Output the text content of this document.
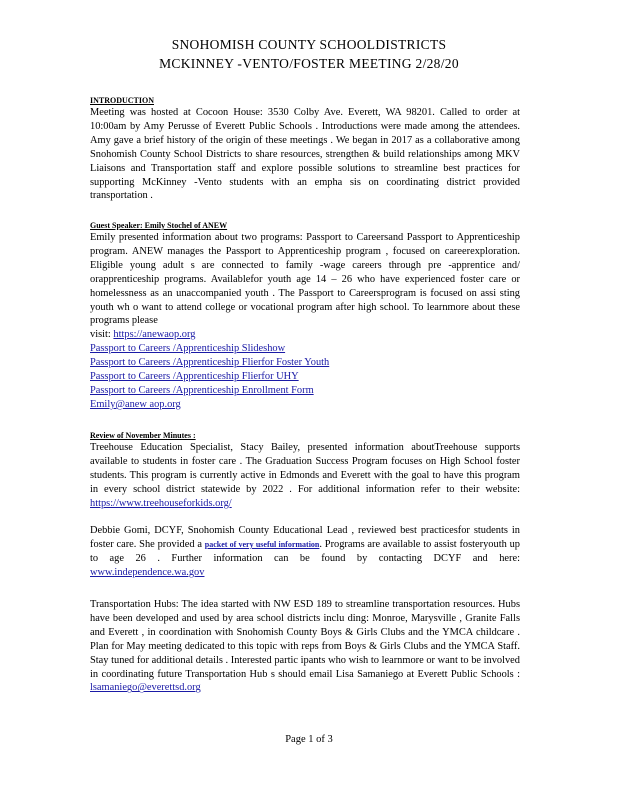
SNOHOMISH COUNTY SCHOOLDISTRICTS
MCKINNEY -VENTO/FOSTER MEETING 2/28/20
INTRODUCTION

Meeting was hosted at Cocoon House: 3530 Colby Ave. Everett, WA 98201. Called to order at 10:00am by Amy Perusse of Everett Public Schools . Introductions were made among the attendees. Amy gave a brief history of the origin of these meetings . We began in 2017 as a collaborative among Snohomish County School Districts to share resources, strengthen & build relationships among MKV Liaisons and Transportation staff and explore possible solutions to streamline best practices for supporting McKinney -Vento students with an empha sis on coordinating district provided transportation .

Guest Speaker: Emily Stochel of ANEW

Emily presented information about two programs: Passport to Careersand Passport to Apprenticeship program. ANEW manages the Passport to Apprenticeship program , focused on careerexploration. Eligible young adult s are connected to family -wage careers through pre -apprentice and/ orapprenticeship programs. Availablefor youth age 14 – 26 who have experienced foster care or homelessness as an unaccompanied youth . The Passport to Careersprogram is focused on assi sting youth wh o want to attend college or vocational program after high school. To learnmore about these programs please

visit: https://anewaop.org
Passport to Careers /Apprenticeship Slideshow
Passport to Careers /Apprenticeship Flierfor Foster Youth
Passport to Careers /Apprenticeship Flierfor UHY
Passport to Careers /Apprenticeship Enrollment Form
Emily@anew aop.org
Review of November Minutes :

Treehouse Education Specialist, Stacy Bailey, presented information aboutTreehouse supports available to students in foster care . The Graduation Success Program focuses on High School foster students. This program is currently active in Edmonds and Everett with the goal to have this program in every school district statewide by 2022 . For additional information refer to their website: https://www.treehouseforkids.org/

Debbie Gomi, DCYF, Snohomish County Educational Lead , reviewed best practicesfor students in foster care. She provided a packet of very useful information. Programs are available to assist fosteryouth up to age 26 . Further information can be found by contacting DCYF and here: www.independence.wa.gov

Transportation Hubs: The idea started with NW ESD 189 to streamline transportation resources. Hubs have been developed and used by area school districts inclu ding: Monroe, Marysville , Granite Falls and Everett , in coordination with Snohomish County Boys & Girls Clubs and the YMCA childcare . Plan for May meeting dedicated to this topic with reps from Boys & Girls Clubs and the YMCA Staff. Stay tuned for additional details . Interested partic ipants who wish to learnmore or want to be involved in coordinating future Transportation Hub s should email Lisa Samaniego at Everett Public Schools : lsamaniego@everettsd.org

Page 1 of 3
